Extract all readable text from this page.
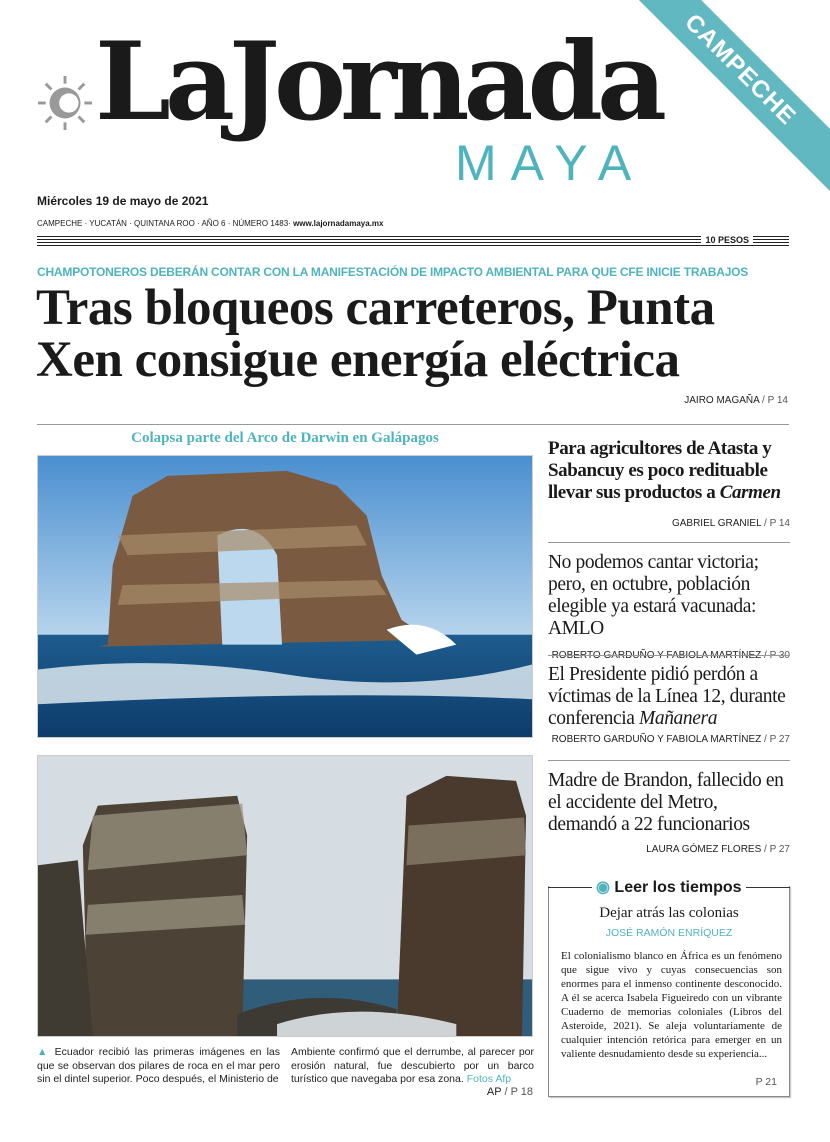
LaJornada
MAYA
CAMPECHE
Miércoles 19 de mayo de 2021
CAMPECHE · YUCATÁN · QUINTANA ROO · AÑO 6 · NÚMERO 1483· www.lajornadamaya.mx
10 PESOS
CHAMPOTONEROS DEBERÁN CONTAR CON LA MANIFESTACIÓN DE IMPACTO AMBIENTAL PARA QUE CFE INICIE TRABAJOS
Tras bloqueos carreteros, Punta Xen consigue energía eléctrica
JAIRO MAGAÑA / P 14
Colapsa parte del Arco de Darwin en Galápagos
▲ Ecuador recibió las primeras imágenes en las que se observan dos pilares de roca en el mar pero sin el dintel superior. Poco después, el Ministerio de
Ambiente confirmó que el derrumbe, al parecer por erosión natural, fue descubierto por un barco turístico que navegaba por esa zona. Fotos Afp
AP / P 18
Para agricultores de Atasta y Sabancuy es poco redituable llevar sus productos a Carmen
GABRIEL GRANIEL / P 14
No podemos cantar victoria; pero, en octubre, población elegible ya estará vacunada: AMLO
El Presidente pidió perdón a víctimas de la Línea 12, durante conferencia Mañanera
ROBERTO GARDUÑO Y FABIOLA MARTÍNEZ / P 27
Madre de Brandon, fallecido en el accidente del Metro, demandó a 22 funcionarios
LAURA GÓMEZ FLORES / P 27
Dejar atrás las colonias
JOSÉ RAMÓN ENRÍQUEZ
El colonialismo blanco en África es un fenómeno que sigue vivo y cuyas consecuencias son enormes para el inmenso continente desconocido. A él se acerca Isabela Figueiredo con un vibrante Cuaderno de memorias coloniales (Libros del Asteroide, 2021). Se aleja voluntariamente de cualquier intención retórica para emerger en un valiente desnudamiento desde su experiencia...
P 21
◉ Leer los tiempos
